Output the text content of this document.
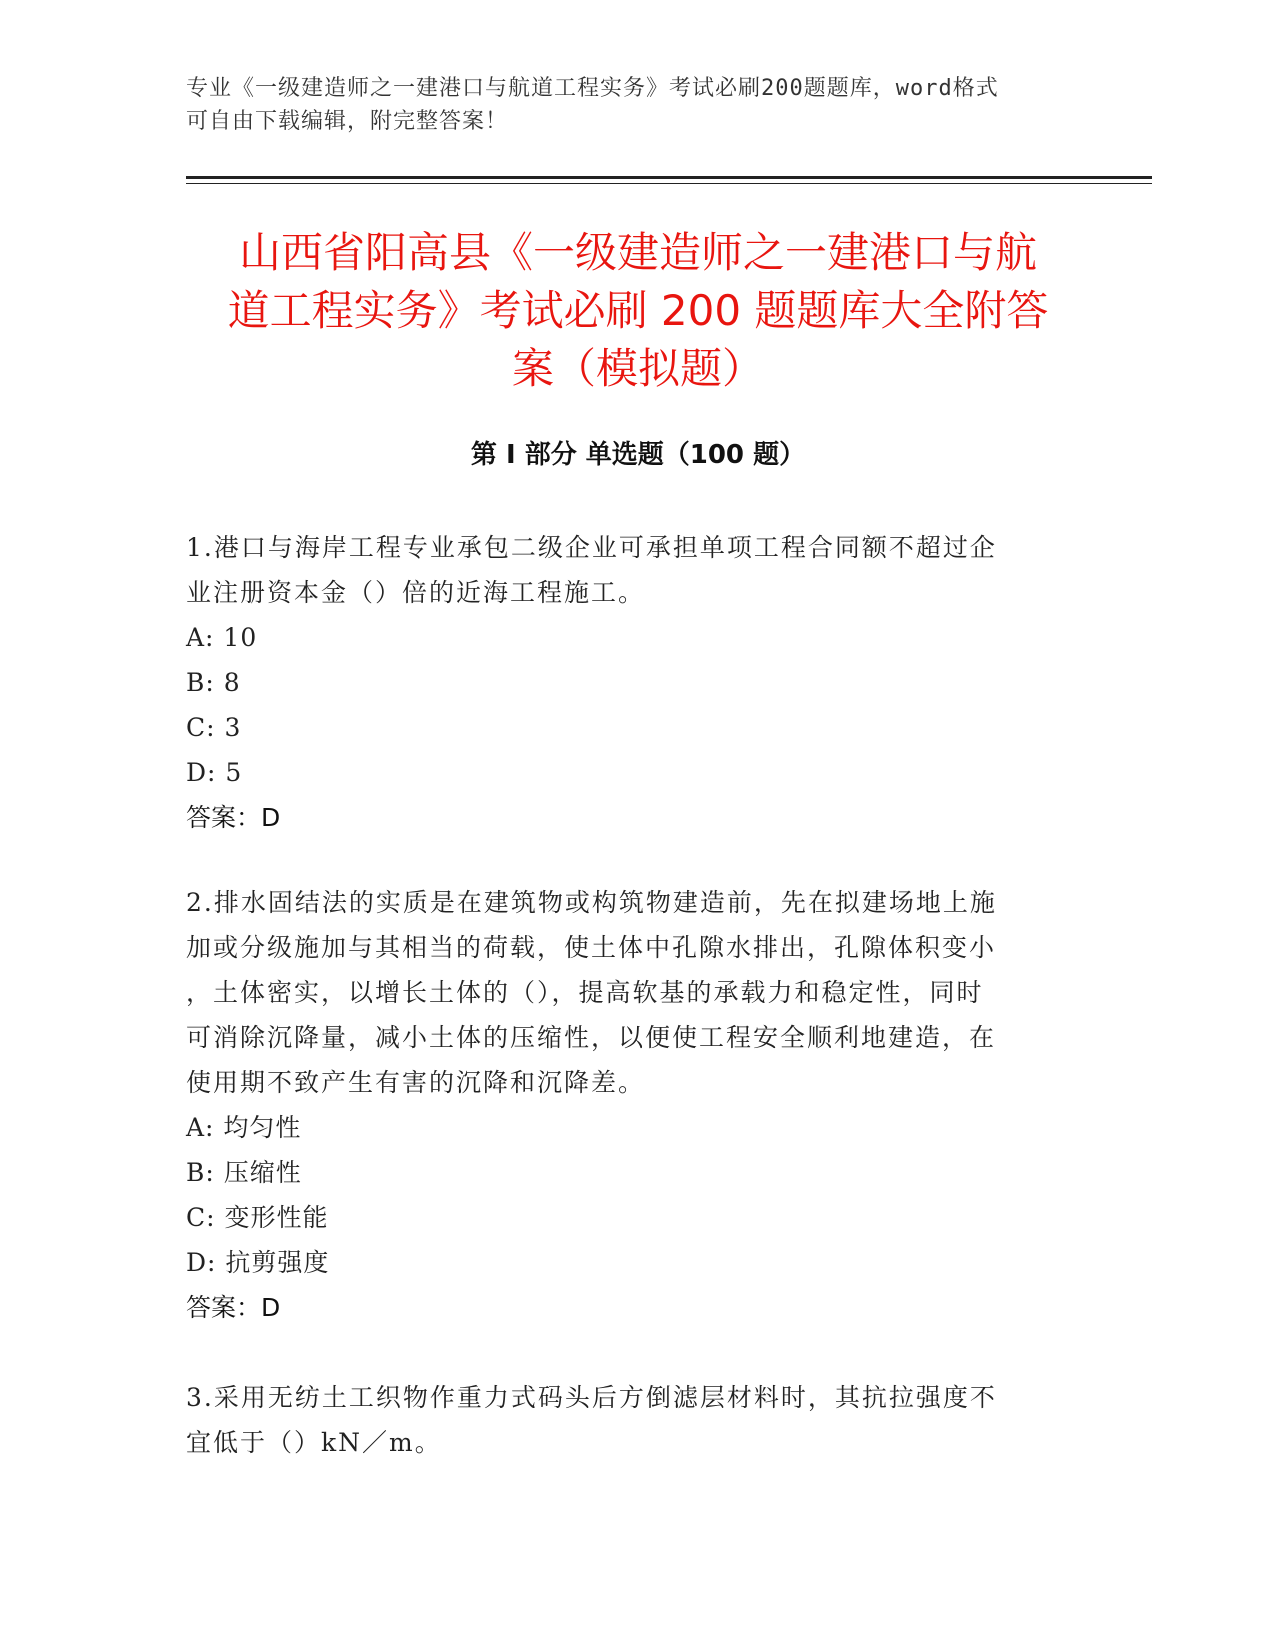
专业《一级建造师之一建港口与航道工程实务》考试必刷200题题库，word格式
可自由下载编辑，附完整答案！
山西省阳高县《一级建造师之一建港口与航
道工程实务》考试必刷 200 题题库大全附答
案（模拟题）
第 I 部分 单选题（100 题）

1.港口与海岸工程专业承包二级企业可承担单项工程合同额不超过企

业注册资本金（）倍的近海工程施工。

A: 10

B: 8

C: 3

D: 5

答案：D

2.排水固结法的实质是在建筑物或构筑物建造前，先在拟建场地上施

加或分级施加与其相当的荷载，使土体中孔隙水排出，孔隙体积变小

，土体密实，以增长土体的（），提高软基的承载力和稳定性，同时

可消除沉降量，减小土体的压缩性，以便使工程安全顺利地建造，在

使用期不致产生有害的沉降和沉降差。

A: 均匀性

B: 压缩性

C: 变形性能

D: 抗剪强度

答案：D

3.采用无纺土工织物作重力式码头后方倒滤层材料时，其抗拉强度不

宜低于（）kN／m。
